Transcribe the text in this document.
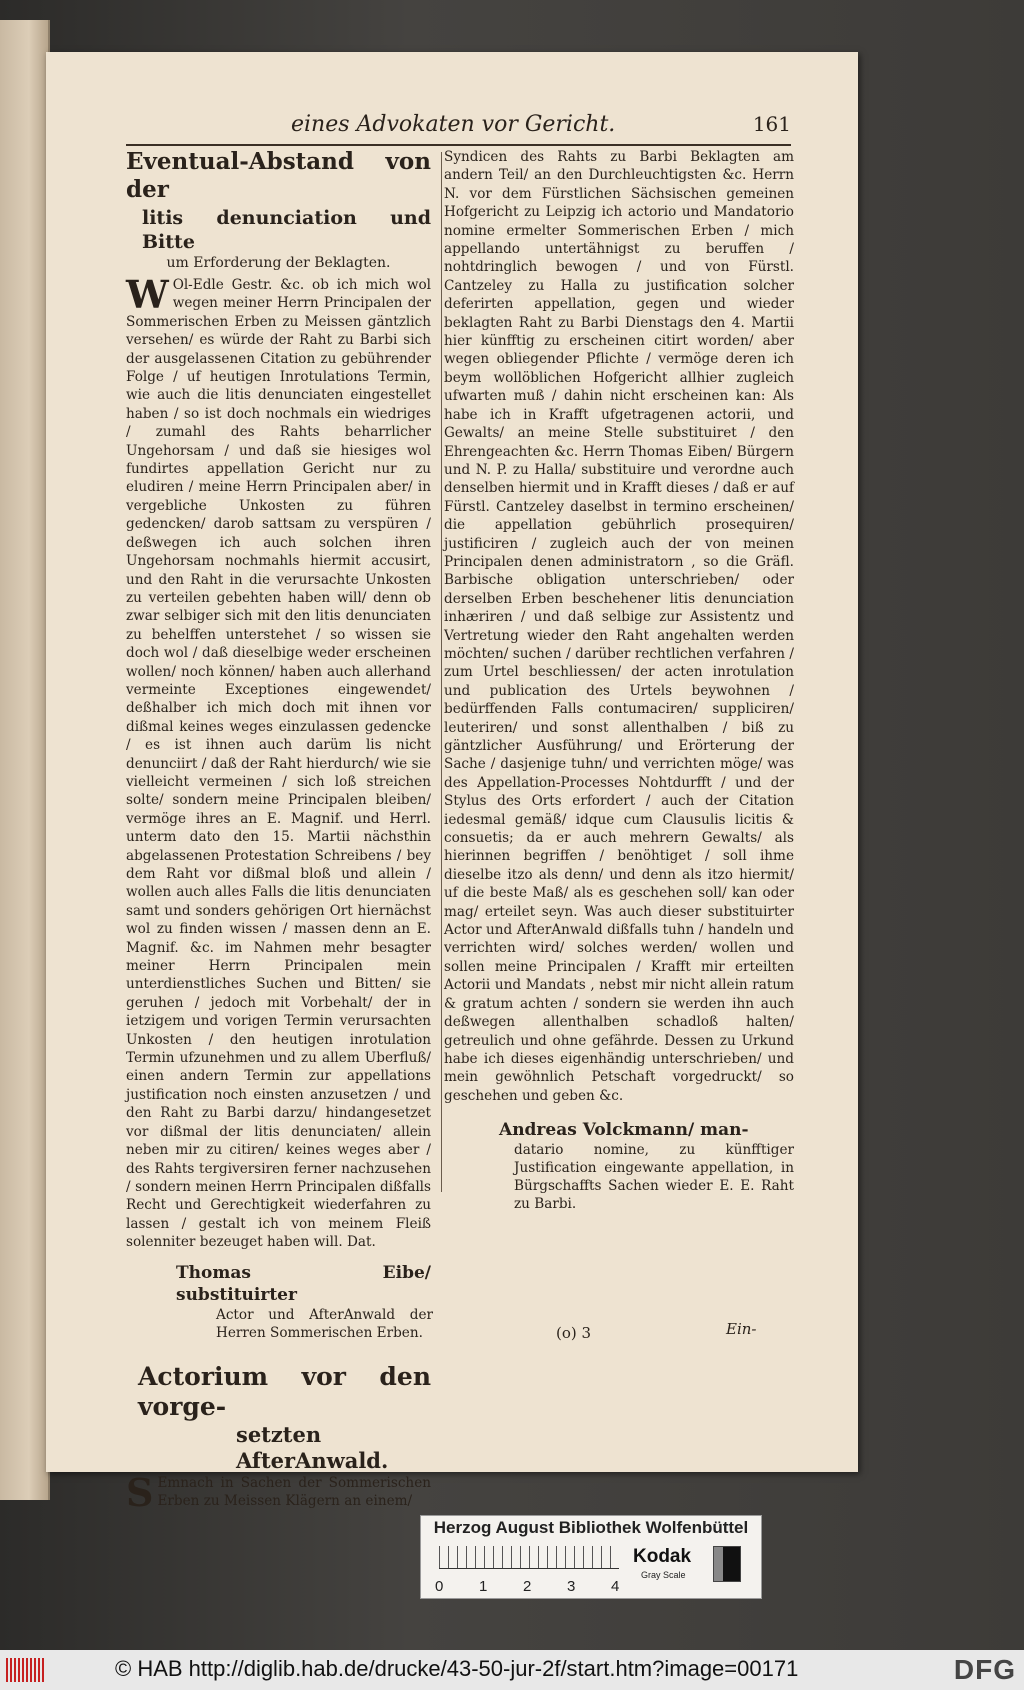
eines Advokaten vor Gericht.	161
Eventual-Abstand von der
litis denunciation und Bitte
um Erforderung der Beklagten.
W Ol-Edle Gestr. &c. ob ich mich wol wegen meiner Herrn Principalen der Sommerischen Erben zu Meissen gäntzlich versehen/ es würde der Raht zu Barbi sich der ausgelassenen Citation zu gebührender Folge / uf heutigen Inrotulations Termin, wie auch die litis denunciaten eingestellet haben / so ist doch nochmals ein wiedriges / zumahl des Rahts beharrlicher Ungehorsam / und daß sie hiesiges wol fundirtes appellation Gericht nur zu eludiren / meine Herrn Principalen aber/ in vergebliche Unkosten zu führen gedencken/ darob sattsam zu verspüren / deßwegen ich auch solchen ihren Ungehorsam nochmahls hiermit accusirt, und den Raht in die verursachte Unkosten zu verteilen gebehten haben will/ denn ob zwar selbiger sich mit den litis denunciaten zu behelffen unterstehet / so wissen sie doch wol / daß dieselbige weder erscheinen wollen/ noch können/ haben auch allerhand vermeinte Exceptiones eingewendet/ deßhalber ich mich doch mit ihnen vor dißmal keines weges einzulassen gedencke / es ist ihnen auch darüm lis nicht denunciirt / daß der Raht hierdurch/ wie sie vielleicht vermeinen / sich loß streichen solte/ sondern meine Principalen bleiben/ vermöge ihres an E. Magnif. und Herrl. unterm dato den 15. Martii nächsthin abgelassenen Protestation Schreibens / bey dem Raht vor dißmal bloß und allein / wollen auch alles Falls die litis denunciaten samt und sonders gehörigen Ort hiernächst wol zu finden wissen / massen denn an E. Magnif. &c. im Nahmen mehr besagter meiner Herrn Principalen mein unterdienstliches Suchen und Bitten/ sie geruhen / jedoch mit Vorbehalt/ der in ietzigem und vorigen Termin verursachten Unkosten / den heutigen inrotulation Termin ufzunehmen und zu allem Uberfluß/ einen andern Termin zur appellations justification noch einsten anzusetzen / und den Raht zu Barbi darzu/ hindangesetzet vor dißmal der litis denunciaten/ allein neben mir zu citiren/ keines weges aber / des Rahts tergiversiren ferner nachzusehen / sondern meinen Herrn Principalen dißfalls Recht und Gerechtigkeit wiederfahren zu lassen / gestalt ich von meinem Fleiß solenniter bezeuget haben will. Dat.

Thomas Eibe/ substituirter
Actor und AfterAnwald der Herren Sommerischen Erben.
Actorium vor den vorge-
setzten AfterAnwald.
S Emnach in Sachen der Sommerischen Erben zu Meissen Klägern an einem/

Syndicen des Rahts zu Barbi Beklagten am andern Teil/ an den Durchleuchtigsten &c. Herrn N. vor dem Fürstlichen Sächsischen gemeinen Hofgericht zu Leipzig ich actorio und Mandatorio nomine ermelter Sommerischen Erben / mich appellando untertähnigst zu beruffen / nohtdringlich bewogen / und von Fürstl. Cantzeley zu Halla zu justification solcher deferirten appellation, gegen und wieder beklagten Raht zu Barbi Dienstags den 4. Martii hier künfftig zu erscheinen citirt worden/ aber wegen obliegender Pflichte / vermöge deren ich beym wollöblichen Hofgericht allhier zugleich ufwarten muß / dahin nicht erscheinen kan: Als habe ich in Krafft ufgetragenen actorii, und Gewalts/ an meine Stelle substituiret / den Ehrengeachten &c. Herrn Thomas Eiben/ Bürgern und N. P. zu Halla/ substituire und verordne auch denselben hiermit und in Krafft dieses / daß er auf Fürstl. Cantzeley daselbst in termino erscheinen/ die appellation gebührlich prosequiren/ justificiren / zugleich auch der von meinen Principalen denen administratorn , so die Gräfl. Barbische obligation unterschrieben/ oder derselben Erben beschehener litis denunciation inhæriren / und daß selbige zur Assistentz und Vertretung wieder den Raht angehalten werden möchten/ suchen / darüber rechtlichen verfahren / zum Urtel beschliessen/ der acten inrotulation und publication des Urtels beywohnen / bedürffenden Falls contumaciren/ suppliciren/ leuteriren/ und sonst allenthalben / biß zu gäntzlicher Ausführung/ und Erörterung der Sache / dasjenige tuhn/ und verrichten möge/ was des Appellation-Processes Nohtdurfft / und der Stylus des Orts erfordert / auch der Citation iedesmal gemäß/ idque cum Clausulis licitis & consuetis; da er auch mehrern Gewalts/ als hierinnen begriffen / benöhtiget / soll ihme dieselbe itzo als denn/ und denn als itzo hiermit/ uf die beste Maß/ als es geschehen soll/ kan oder mag/ erteilet seyn. Was auch dieser substituirter Actor und AfterAnwald dißfalls tuhn / handeln und verrichten wird/ solches werden/ wollen und sollen meine Principalen / Krafft mir erteilten Actorii und Mandats , nebst mir nicht allein ratum & gratum achten / sondern sie werden ihn auch deßwegen allenthalben schadloß halten/ getreulich und ohne gefährde. Dessen zu Urkund habe ich dieses eigenhändig unterschrieben/ und mein gewöhnlich Petschaft vorgedruckt/ so geschehen und geben &c.

Andreas Volckmann/ man-
datario nomine, zu künfftiger Justification eingewante appellation, in Bürgschaffts Sachen wieder E. E. Raht zu Barbi.
(o) 3	Ein-
Herzog August Bibliothek Wolfenbüttel
0 1 2 3 4
Kodak
Gray Scale
© HAB http://diglib.hab.de/drucke/43-50-jur-2f/start.htm?image=00171	DFG
